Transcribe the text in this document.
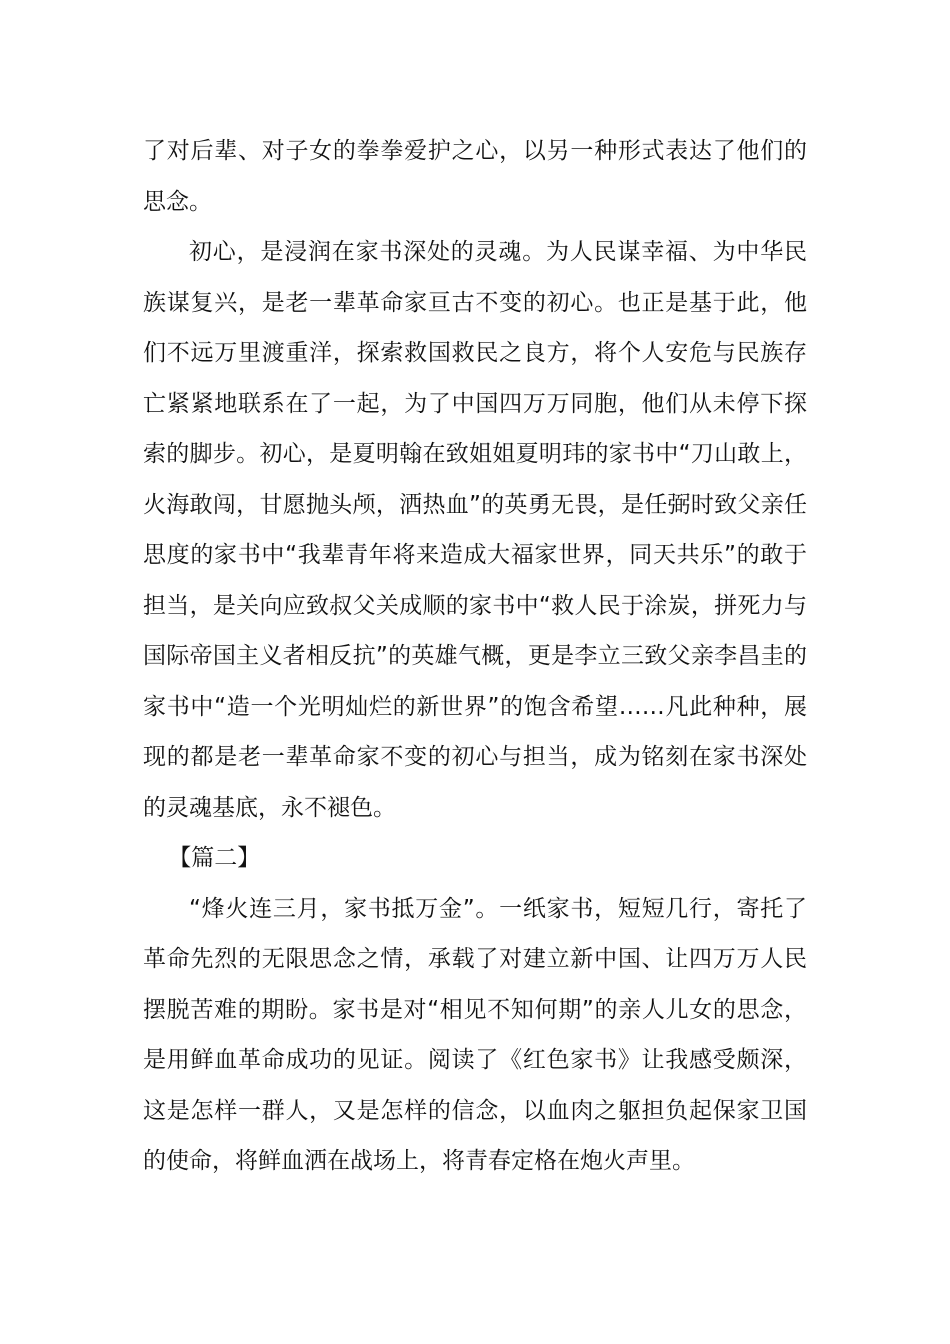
了对后辈、对子女的拳拳爱护之心，以另一种形式表达了他们的思念。

初心，是浸润在家书深处的灵魂。为人民谋幸福、为中华民族谋复兴，是老一辈革命家亘古不变的初心。也正是基于此，他们不远万里渡重洋，探索救国救民之良方，将个人安危与民族存亡紧紧地联系在了一起，为了中国四万万同胞，他们从未停下探索的脚步。初心，是夏明翰在致姐姐夏明玮的家书中“刀山敢上，火海敢闯，甘愿抛头颅，洒热血”的英勇无畏，是任弼时致父亲任思度的家书中“我辈青年将来造成大福家世界，同天共乐”的敢于担当，是关向应致叔父关成顺的家书中“救人民于涂炭，拼死力与国际帝国主义者相反抗”的英雄气概，更是李立三致父亲李昌圭的家书中“造一个光明灿烂的新世界”的饱含希望……凡此种种，展现的都是老一辈革命家不变的初心与担当，成为铭刻在家书深处的灵魂基底，永不褪色。

【篇二】

“烽火连三月，家书抵万金”。一纸家书，短短几行，寄托了革命先烈的无限思念之情，承载了对建立新中国、让四万万人民摆脱苦难的期盼。家书是对“相见不知何期”的亲人儿女的思念，是用鲜血革命成功的见证。阅读了《红色家书》让我感受颇深，这是怎样一群人，又是怎样的信念，以血肉之躯担负起保家卫国的使命，将鲜血洒在战场上，将青春定格在炮火声里。
